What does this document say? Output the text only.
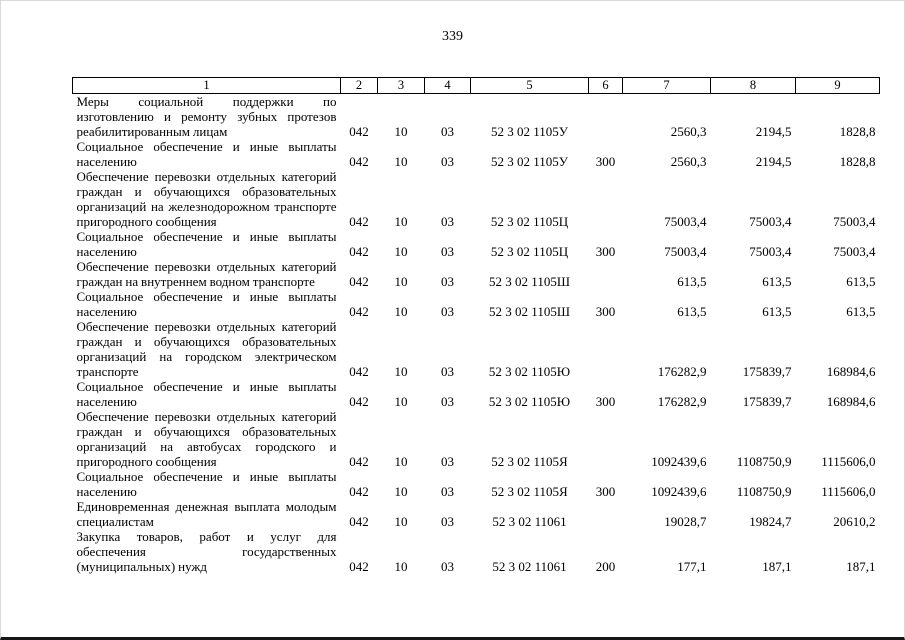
339
1	2	3	4	5	6	7	8	9
Меры социальной поддержки по изготовлению и ремонту зубных протезов реабилитированным лицам	042	10	03	52 3 02 1105У		2560,3	2194,5	1828,8
Социальное обеспечение и иные выплаты населению	042	10	03	52 3 02 1105У	300	2560,3	2194,5	1828,8
Обеспечение перевозки отдельных категорий граждан и обучающихся образовательных организаций на железнодорожном транспорте пригородного сообщения	042	10	03	52 3 02 1105Ц		75003,4	75003,4	75003,4
Социальное обеспечение и иные выплаты населению	042	10	03	52 3 02 1105Ц	300	75003,4	75003,4	75003,4
Обеспечение перевозки отдельных категорий граждан на внутреннем водном транспорте	042	10	03	52 3 02 1105Ш		613,5	613,5	613,5
Социальное обеспечение и иные выплаты населению	042	10	03	52 3 02 1105Ш	300	613,5	613,5	613,5
Обеспечение перевозки отдельных категорий граждан и обучающихся образовательных организаций на городском электрическом транспорте	042	10	03	52 3 02 1105Ю		176282,9	175839,7	168984,6
Социальное обеспечение и иные выплаты населению	042	10	03	52 3 02 1105Ю	300	176282,9	175839,7	168984,6
Обеспечение перевозки отдельных категорий граждан и обучающихся образовательных организаций на автобусах городского и пригородного сообщения	042	10	03	52 3 02 1105Я		1092439,6	1108750,9	1115606,0
Социальное обеспечение и иные выплаты населению	042	10	03	52 3 02 1105Я	300	1092439,6	1108750,9	1115606,0
Единовременная денежная выплата молодым специалистам	042	10	03	52 3 02 11061		19028,7	19824,7	20610,2
Закупка товаров, работ и услуг для обеспечения государственных (муниципальных) нужд	042	10	03	52 3 02 11061	200	177,1	187,1	187,1
